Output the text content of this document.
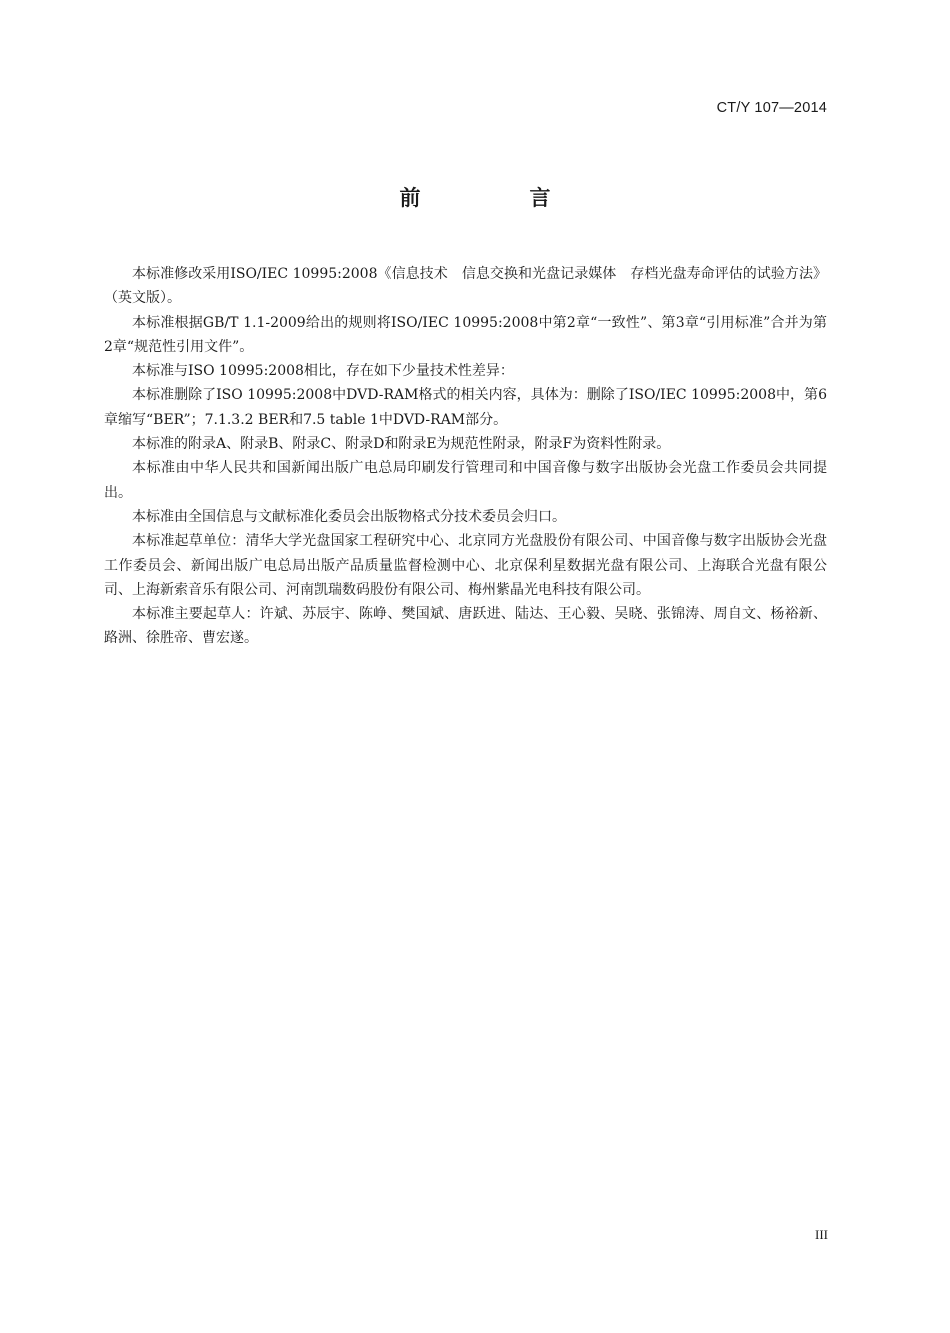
CT/Y 107—2014
前　言

本标准修改采用ISO/IEC 10995:2008《信息技术　信息交换和光盘记录媒体　存档光盘寿命评估的试验方法》（英文版）。

本标准根据GB/T 1.1-2009给出的规则将ISO/IEC 10995:2008中第2章“一致性”、第3章“引用标准”合并为第2章“规范性引用文件”。

本标准与ISO 10995:2008相比，存在如下少量技术性差异：

本标准删除了ISO 10995:2008中DVD-RAM格式的相关内容，具体为：删除了ISO/IEC 10995:2008中，第6章缩写“BER”；7.1.3.2 BER和7.5 table 1中DVD-RAM部分。

本标准的附录A、附录B、附录C、附录D和附录E为规范性附录，附录F为资料性附录。

本标准由中华人民共和国新闻出版广电总局印刷发行管理司和中国音像与数字出版协会光盘工作委员会共同提出。

本标准由全国信息与文献标准化委员会出版物格式分技术委员会归口。

本标准起草单位：清华大学光盘国家工程研究中心、北京同方光盘股份有限公司、中国音像与数字出版协会光盘工作委员会、新闻出版广电总局出版产品质量监督检测中心、北京保利星数据光盘有限公司、上海联合光盘有限公司、上海新索音乐有限公司、河南凯瑞数码股份有限公司、梅州紫晶光电科技有限公司。

本标准主要起草人：许斌、苏辰宇、陈峥、樊国斌、唐跃进、陆达、王心毅、吴晓、张锦涛、周自文、杨裕新、路洲、徐胜帝、曹宏遂。

III
